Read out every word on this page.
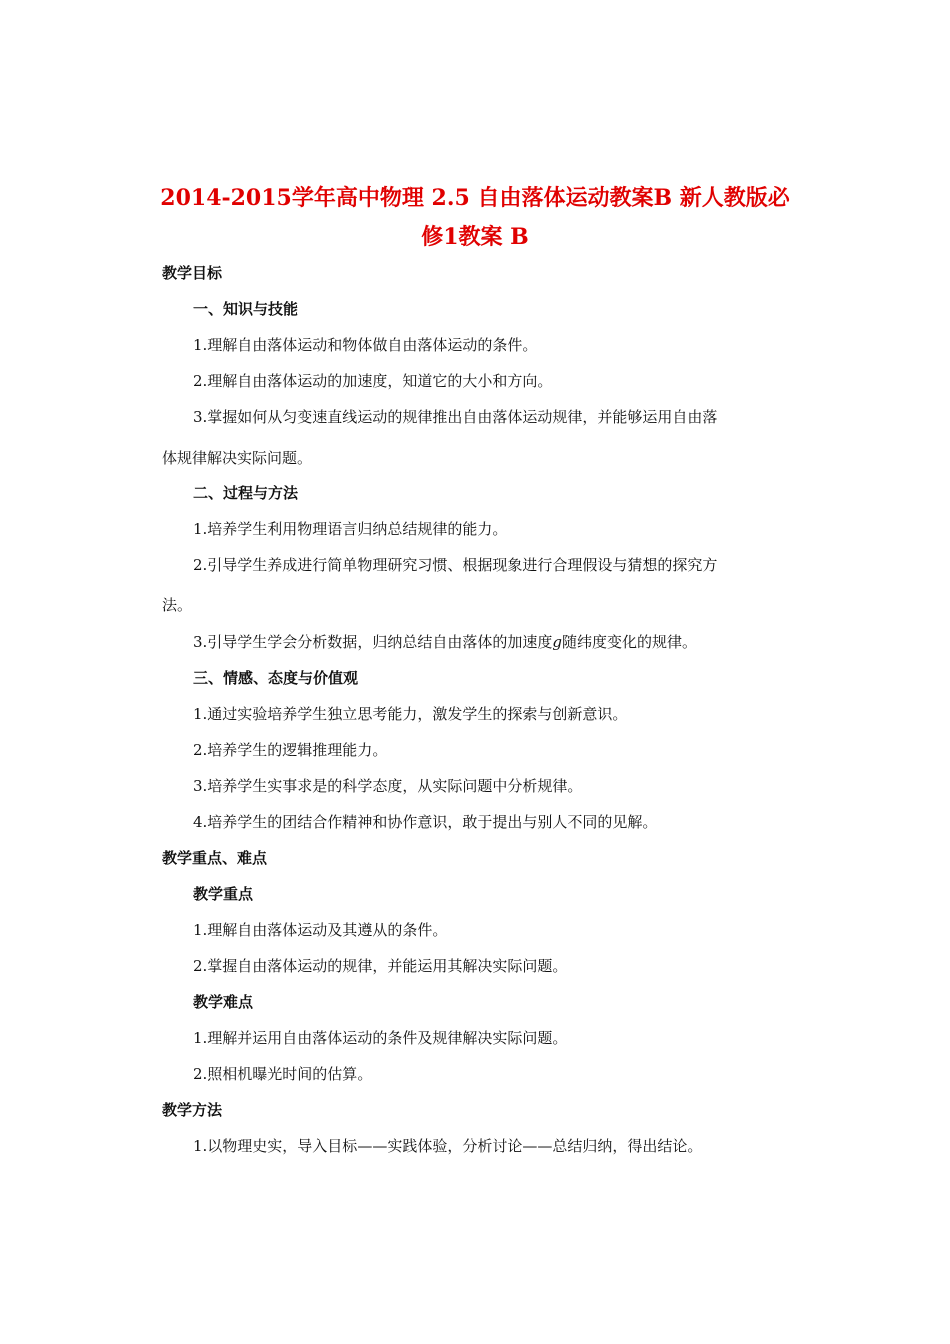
2014-2015学年高中物理 2.5 自由落体运动教案B 新人教版必
修1教案 B
教学目标
一、知识与技能
1.理解自由落体运动和物体做自由落体运动的条件。
2.理解自由落体运动的加速度，知道它的大小和方向。
3.掌握如何从匀变速直线运动的规律推出自由落体运动规律，并能够运用自由落
体规律解决实际问题。
二、过程与方法
1.培养学生利用物理语言归纳总结规律的能力。
2.引导学生养成进行简单物理研究习惯、根据现象进行合理假设与猜想的探究方
法。
3.引导学生学会分析数据，归纳总结自由落体的加速度g随纬度变化的规律。
三、情感、态度与价值观
1.通过实验培养学生独立思考能力，激发学生的探索与创新意识。
2.培养学生的逻辑推理能力。
3.培养学生实事求是的科学态度，从实际问题中分析规律。
4.培养学生的团结合作精神和协作意识，敢于提出与别人不同的见解。
教学重点、难点
教学重点
1.理解自由落体运动及其遵从的条件。
2.掌握自由落体运动的规律，并能运用其解决实际问题。
教学难点
1.理解并运用自由落体运动的条件及规律解决实际问题。
2.照相机曝光时间的估算。
教学方法
1.以物理史实，导入目标——实践体验，分析讨论——总结归纳，得出结论。
